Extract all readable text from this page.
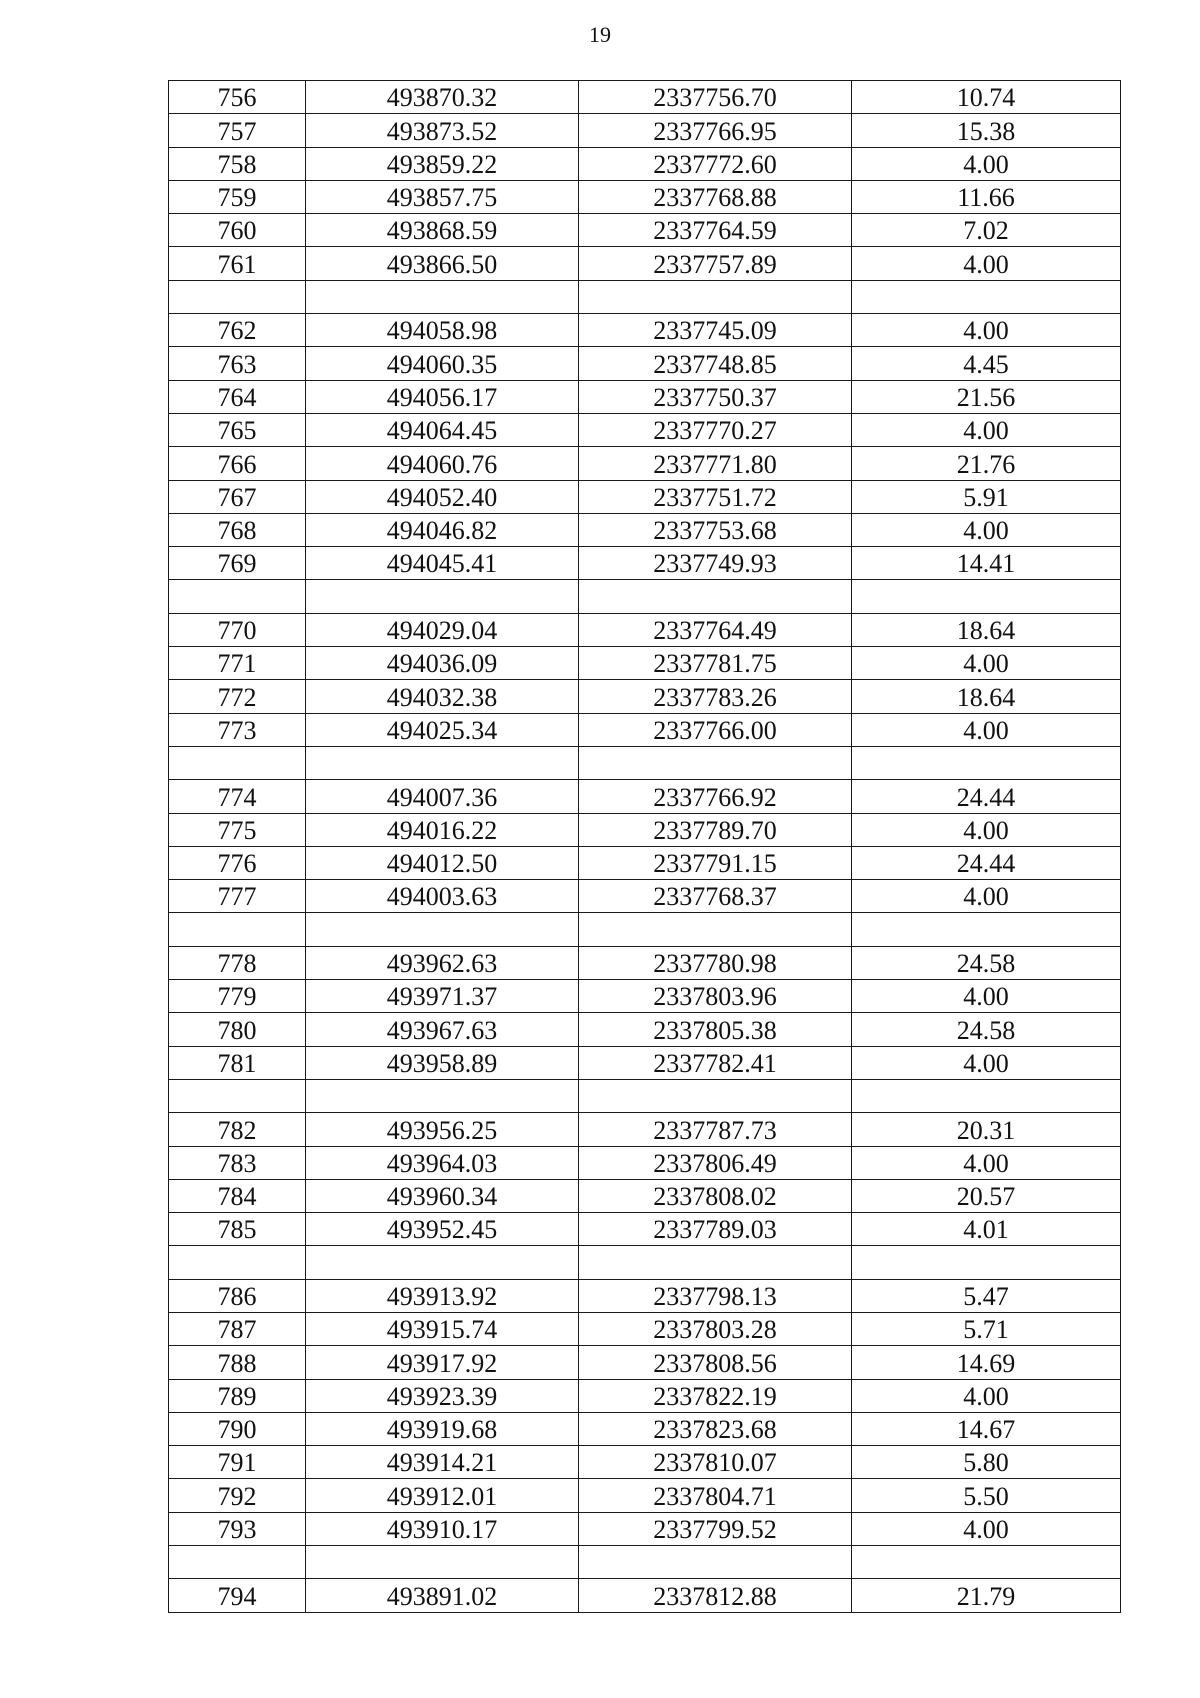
19
756	493870.32	2337756.70	10.74
757	493873.52	2337766.95	15.38
758	493859.22	2337772.60	4.00
759	493857.75	2337768.88	11.66
760	493868.59	2337764.59	7.02
761	493866.50	2337757.89	4.00

762	494058.98	2337745.09	4.00
763	494060.35	2337748.85	4.45
764	494056.17	2337750.37	21.56
765	494064.45	2337770.27	4.00
766	494060.76	2337771.80	21.76
767	494052.40	2337751.72	5.91
768	494046.82	2337753.68	4.00
769	494045.41	2337749.93	14.41

770	494029.04	2337764.49	18.64
771	494036.09	2337781.75	4.00
772	494032.38	2337783.26	18.64
773	494025.34	2337766.00	4.00

774	494007.36	2337766.92	24.44
775	494016.22	2337789.70	4.00
776	494012.50	2337791.15	24.44
777	494003.63	2337768.37	4.00

778	493962.63	2337780.98	24.58
779	493971.37	2337803.96	4.00
780	493967.63	2337805.38	24.58
781	493958.89	2337782.41	4.00

782	493956.25	2337787.73	20.31
783	493964.03	2337806.49	4.00
784	493960.34	2337808.02	20.57
785	493952.45	2337789.03	4.01

786	493913.92	2337798.13	5.47
787	493915.74	2337803.28	5.71
788	493917.92	2337808.56	14.69
789	493923.39	2337822.19	4.00
790	493919.68	2337823.68	14.67
791	493914.21	2337810.07	5.80
792	493912.01	2337804.71	5.50
793	493910.17	2337799.52	4.00

794	493891.02	2337812.88	21.79
